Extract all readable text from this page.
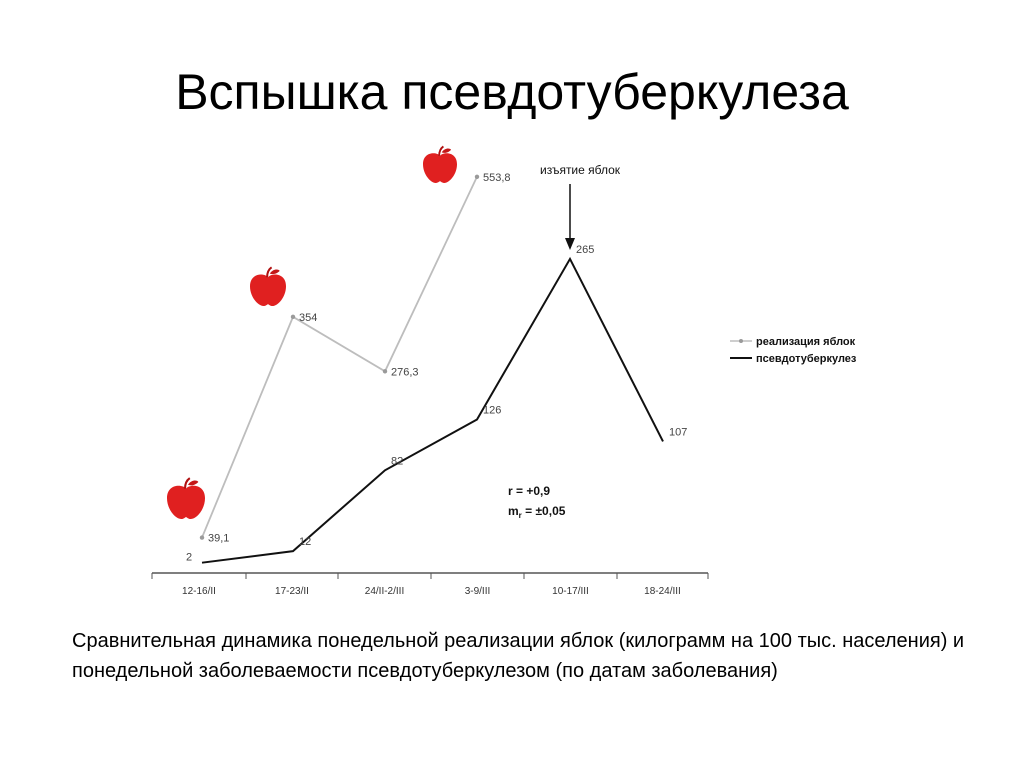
Вспышка псевдотуберкулеза
12-16/II	17-23/II	24/II-2/III	3-9/III	10-17/III	18-24/III
39,1
354
276,3
553,8
2
12
82
126
265
107
изъятие яблок
r = +0,9
$m_r = \pm 0,05$
реализация яблок
псевдотуберкулез
Сравнительная динамика понедельной реализации яблок (килограмм на 100 тыс. населения) и понедельной заболеваемости псевдотуберкулезом (по датам заболевания)
